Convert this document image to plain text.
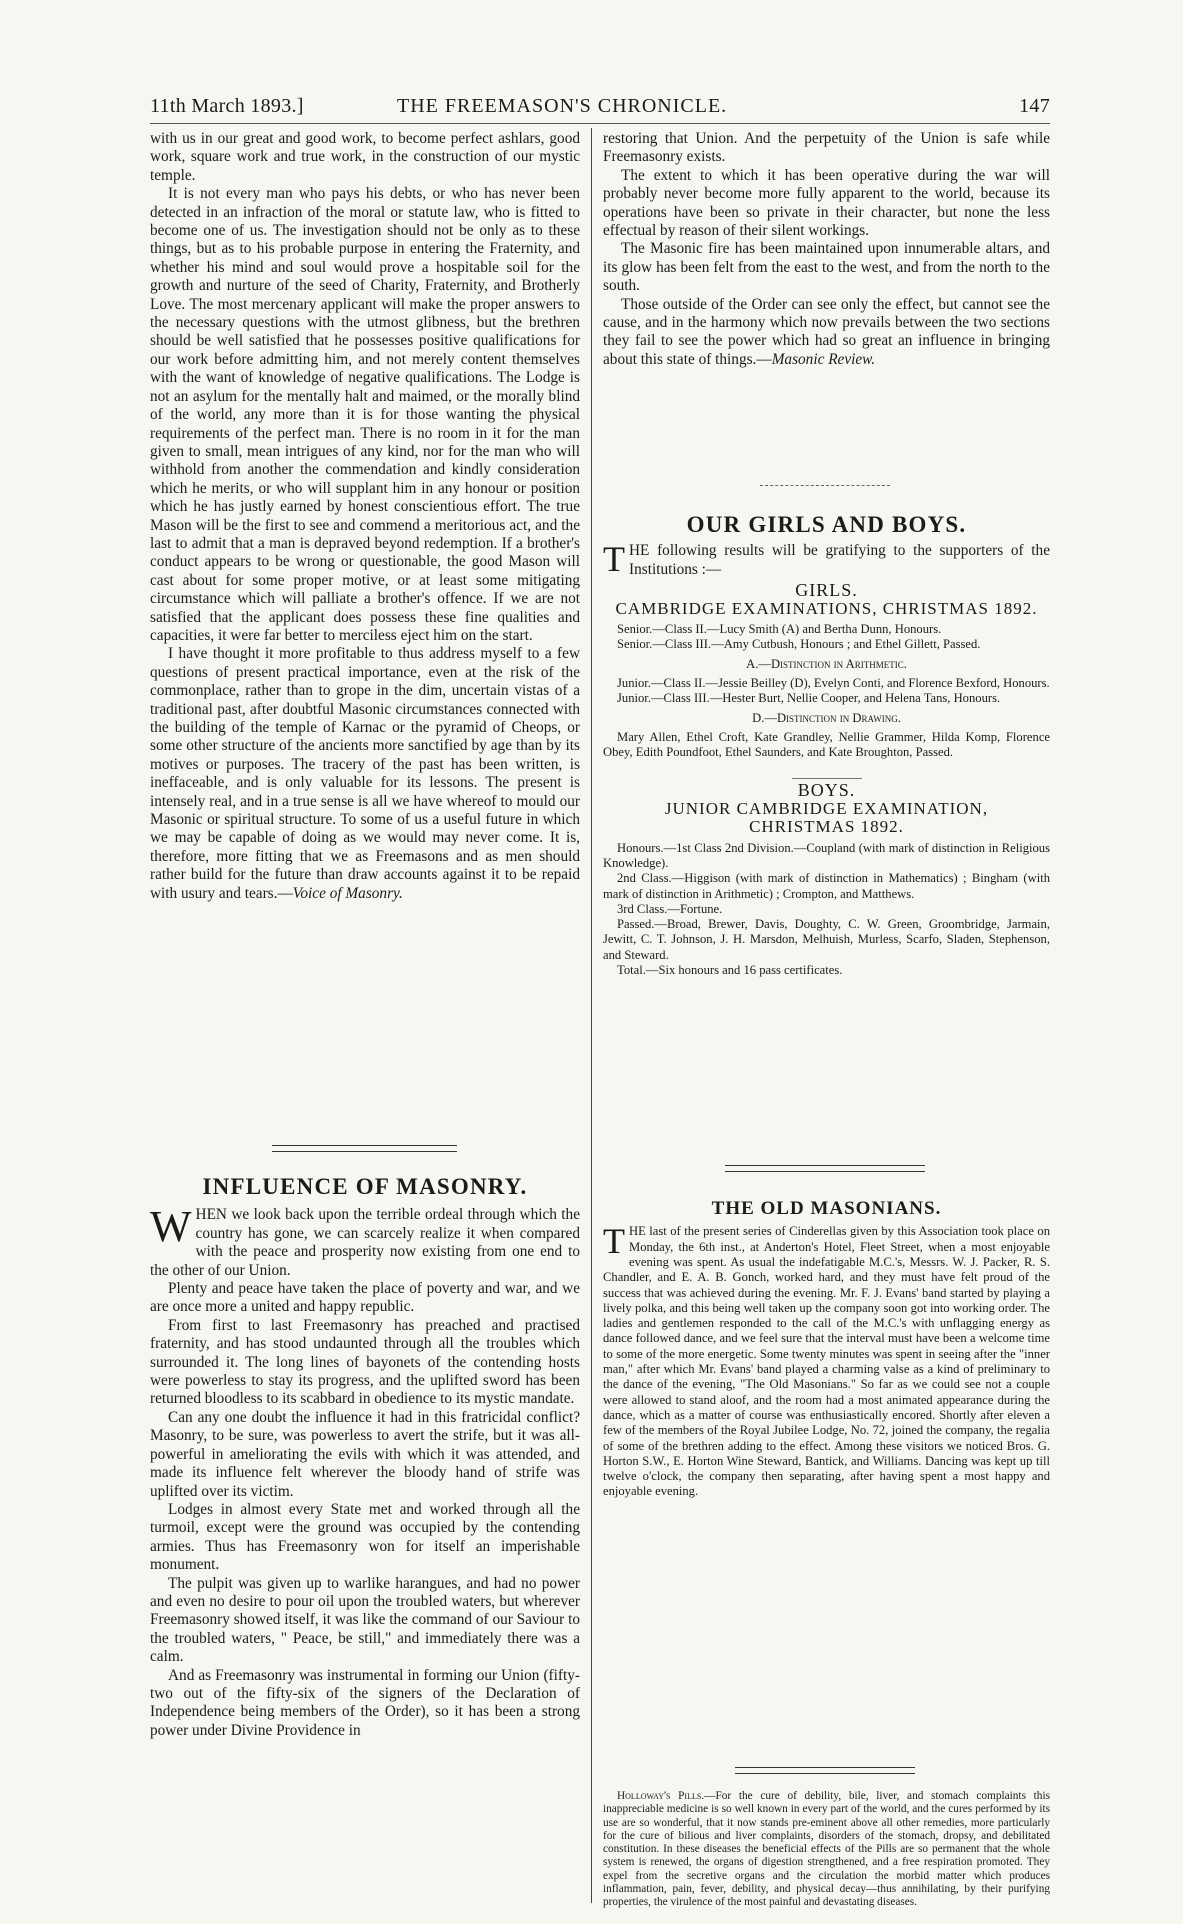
11th March 1893.]	THE FREEMASON'S CHRONICLE.	147

with us in our great and good work, to become perfect ashlars, good work, square work and true work, in the construction of our mystic temple.

It is not every man who pays his debts, or who has never been detected in an infraction of the moral or statute law, who is fitted to become one of us. The investigation should not be only as to these things, but as to his probable purpose in entering the Fraternity, and whether his mind and soul would prove a hospitable soil for the growth and nurture of the seed of Charity, Fraternity, and Brotherly Love. The most mercenary applicant will make the proper answers to the necessary questions with the utmost glibness, but the brethren should be well satisfied that he possesses positive qualifications for our work before admitting him, and not merely content themselves with the want of knowledge of negative qualifications. The Lodge is not an asylum for the mentally halt and maimed, or the morally blind of the world, any more than it is for those wanting the physical requirements of the perfect man. There is no room in it for the man given to small, mean intrigues of any kind, nor for the man who will withhold from another the commendation and kindly consideration which he merits, or who will supplant him in any honour or position which he has justly earned by honest conscientious effort. The true Mason will be the first to see and commend a meritorious act, and the last to admit that a man is depraved beyond redemption. If a brother's conduct appears to be wrong or questionable, the good Mason will cast about for some proper motive, or at least some mitigating circumstance which will palliate a brother's offence. If we are not satisfied that the applicant does possess these fine qualities and capacities, it were far better to merciless eject him on the start.

I have thought it more profitable to thus address myself to a few questions of present practical importance, even at the risk of the commonplace, rather than to grope in the dim, uncertain vistas of a traditional past, after doubtful Masonic circumstances connected with the building of the temple of Karnac or the pyramid of Cheops, or some other structure of the ancients more sanctified by age than by its motives or purposes. The tracery of the past has been written, is ineffaceable, and is only valuable for its lessons. The present is intensely real, and in a true sense is all we have whereof to mould our Masonic or spiritual structure. To some of us a useful future in which we may be capable of doing as we would may never come. It is, therefore, more fitting that we as Freemasons and as men should rather build for the future than draw accounts against it to be repaid with usury and tears.—Voice of Masonry.

INFLUENCE OF MASONRY.

WHEN we look back upon the terrible ordeal through which the country has gone, we can scarcely realize it when compared with the peace and prosperity now existing from one end to the other of our Union.

Plenty and peace have taken the place of poverty and war, and we are once more a united and happy republic.

From first to last Freemasonry has preached and practised fraternity, and has stood undaunted through all the troubles which surrounded it. The long lines of bayonets of the contending hosts were powerless to stay its progress, and the uplifted sword has been returned bloodless to its scabbard in obedience to its mystic mandate.

Can any one doubt the influence it had in this fratricidal conflict? Masonry, to be sure, was powerless to avert the strife, but it was all-powerful in ameliorating the evils with which it was attended, and made its influence felt wherever the bloody hand of strife was uplifted over its victim.

Lodges in almost every State met and worked through all the turmoil, except were the ground was occupied by the contending armies. Thus has Freemasonry won for itself an imperishable monument.

The pulpit was given up to warlike harangues, and had no power and even no desire to pour oil upon the troubled waters, but wherever Freemasonry showed itself, it was like the command of our Saviour to the troubled waters, " Peace, be still," and immediately there was a calm.

And as Freemasonry was instrumental in forming our Union (fifty-two out of the fifty-six of the signers of the Declaration of Independence being members of the Order), so it has been a strong power under Divine Providence in

restoring that Union. And the perpetuity of the Union is safe while Freemasonry exists.

The extent to which it has been operative during the war will probably never become more fully apparent to the world, because its operations have been so private in their character, but none the less effectual by reason of their silent workings.

The Masonic fire has been maintained upon innumerable altars, and its glow has been felt from the east to the west, and from the north to the south.

Those outside of the Order can see only the effect, but cannot see the cause, and in the harmony which now prevails between the two sections they fail to see the power which had so great an influence in bringing about this state of things.—Masonic Review.

OUR GIRLS AND BOYS.

THE following results will be gratifying to the supporters of the Institutions :—

GIRLS.
CAMBRIDGE EXAMINATIONS, CHRISTMAS 1892.

Senior.—Class II.—Lucy Smith (A) and Bertha Dunn, Honours.

Senior.—Class III.—Amy Cutbush, Honours ; and Ethel Gillett, Passed.

A.—Distinction in Arithmetic.

Junior.—Class II.—Jessie Beilley (D), Evelyn Conti, and Florence Bexford, Honours.

Junior.—Class III.—Hester Burt, Nellie Cooper, and Helena Tans, Honours.

D.—Distinction in Drawing.

Mary Allen, Ethel Croft, Kate Grandley, Nellie Grammer, Hilda Komp, Florence Obey, Edith Poundfoot, Ethel Saunders, and Kate Broughton, Passed.

BOYS.
JUNIOR CAMBRIDGE EXAMINATION,
CHRISTMAS 1892.

Honours.—1st Class 2nd Division.—Coupland (with mark of distinction in Religious Knowledge).

2nd Class.—Higgison (with mark of distinction in Mathematics) ; Bingham (with mark of distinction in Arithmetic) ; Crompton, and Matthews.

3rd Class.—Fortune.

Passed.—Broad, Brewer, Davis, Doughty, C. W. Green, Groombridge, Jarmain, Jewitt, C. T. Johnson, J. H. Marsdon, Melhuish, Murless, Scarfo, Sladen, Stephenson, and Steward.

Total.—Six honours and 16 pass certificates.

THE OLD MASONIANS.

THE last of the present series of Cinderellas given by this Association took place on Monday, the 6th inst., at Anderton's Hotel, Fleet Street, when a most enjoyable evening was spent. As usual the indefatigable M.C.'s, Messrs. W. J. Packer, R. S. Chandler, and E. A. B. Gonch, worked hard, and they must have felt proud of the success that was achieved during the evening. Mr. F. J. Evans' band started by playing a lively polka, and this being well taken up the company soon got into working order. The ladies and gentlemen responded to the call of the M.C.'s with unflagging energy as dance followed dance, and we feel sure that the interval must have been a welcome time to some of the more energetic. Some twenty minutes was spent in seeing after the "inner man," after which Mr. Evans' band played a charming valse as a kind of preliminary to the dance of the evening, "The Old Masonians." So far as we could see not a couple were allowed to stand aloof, and the room had a most animated appearance during the dance, which as a matter of course was enthusiastically encored. Shortly after eleven a few of the members of the Royal Jubilee Lodge, No. 72, joined the company, the regalia of some of the brethren adding to the effect. Among these visitors we noticed Bros. G. Horton S.W., E. Horton Wine Steward, Bantick, and Williams. Dancing was kept up till twelve o'clock, the company then separating, after having spent a most happy and enjoyable evening.

Holloway's Pills.—For the cure of debility, bile, liver, and stomach complaints this inappreciable medicine is so well known in every part of the world, and the cures performed by its use are so wonderful, that it now stands pre-eminent above all other remedies, more particularly for the cure of bilious and liver complaints, disorders of the stomach, dropsy, and debilitated constitution. In these diseases the beneficial effects of the Pills are so permanent that the whole system is renewed, the organs of digestion strengthened, and a free respiration promoted. They expel from the secretive organs and the circulation the morbid matter which produces inflammation, pain, fever, debility, and physical decay—thus annihilating, by their purifying properties, the virulence of the most painful and devastating diseases.
